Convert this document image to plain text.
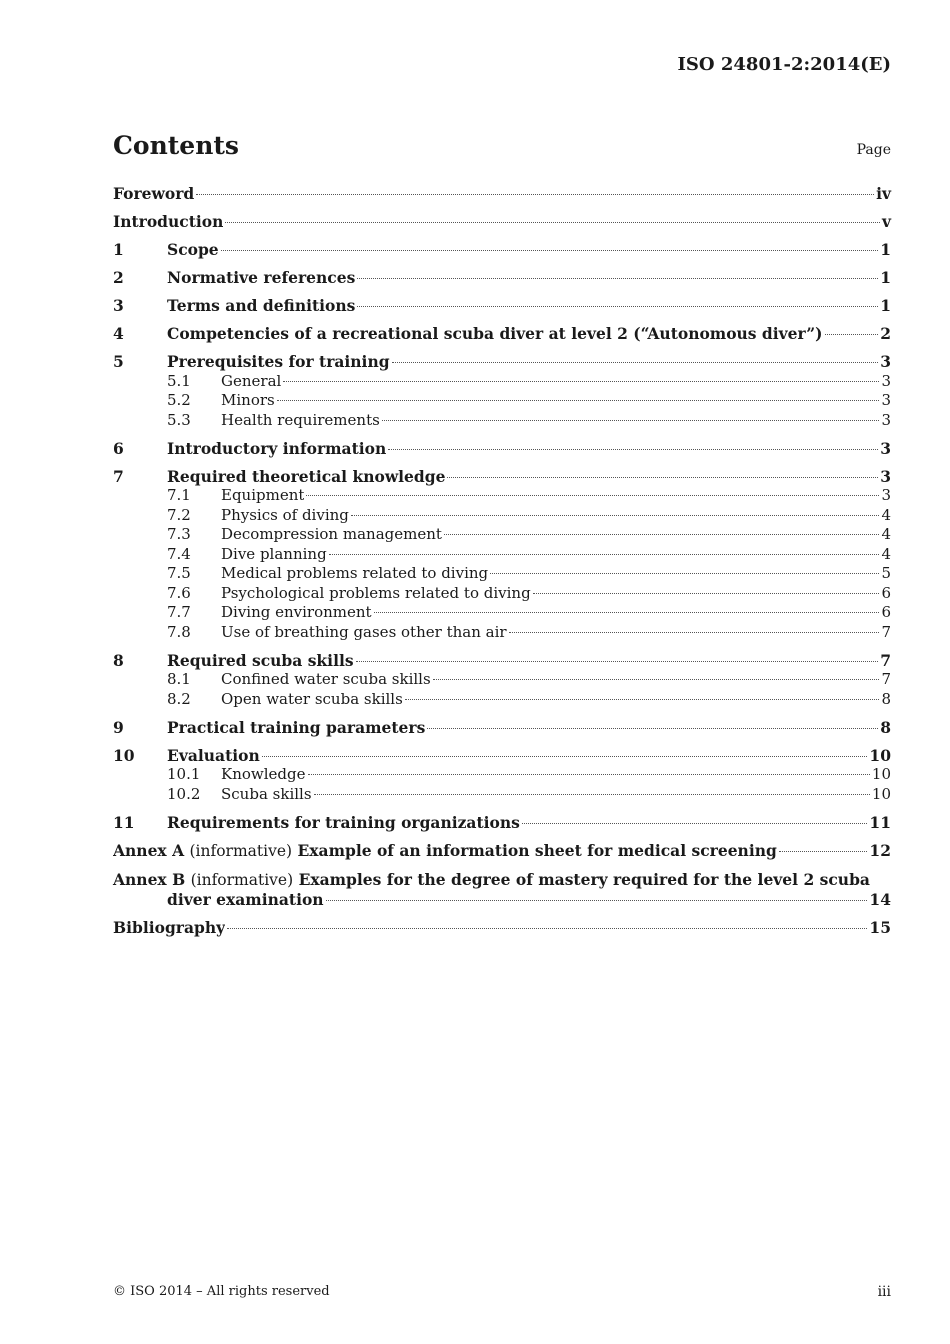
ISO 24801-2:2014(E)
Contents	Page
Foreword	iv
Introduction	v
1	Scope	1
2	Normative references	1
3	Terms and definitions	1
4	Competencies of a recreational scuba diver at level 2 (“Autonomous diver”)	2
5	Prerequisites for training	3
5.1	General	3
5.2	Minors	3
5.3	Health requirements	3
6	Introductory information	3
7	Required theoretical knowledge	3
7.1	Equipment	3
7.2	Physics of diving	4
7.3	Decompression management	4
7.4	Dive planning	4
7.5	Medical problems related to diving	5
7.6	Psychological problems related to diving	6
7.7	Diving environment	6
7.8	Use of breathing gases other than air	7
8	Required scuba skills	7
8.1	Confined water scuba skills	7
8.2	Open water scuba skills	8
9	Practical training parameters	8
10	Evaluation	10
10.1	Knowledge	10
10.2	Scuba skills	10
11	Requirements for training organizations	11
Annex A (informative) Example of an information sheet for medical screening	12
Annex B (informative) Examples for the degree of mastery required for the level 2 scuba
diver examination	14
Bibliography	15
© ISO 2014 – All rights reserved	iii
